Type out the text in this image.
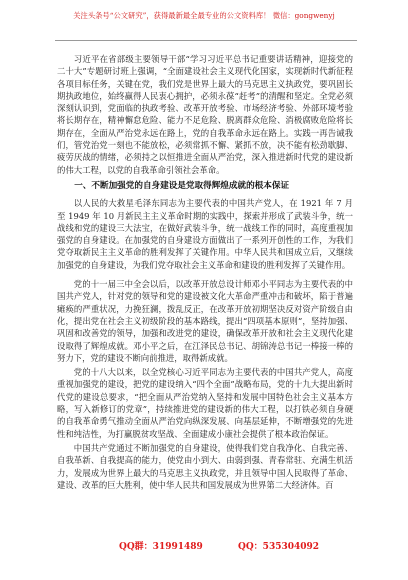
关注头条号“公文研究”，获得最新最全最专业的公文资料库！ 微信：gongwenyj

习近平在省部级主要领导干部“学习习近平总书记重要讲话精神，迎接党的二十大”专题研讨班上强调，“全面建设社会主义现代化国家，实现新时代新征程各项目标任务，关键在党，我们党是世界上最大的马克思主义执政党，要巩固长期执政地位，始终赢得人民衷心拥护，必须永葆“赶考”的清醒和坚定。全党必须深刻认识到，党面临的执政考验、改革开放考验、市场经济考验、外部环境考验将长期存在，精神懈怠危险、能力不足危险、脱离群众危险、消极腐败危险将长期存在，全面从严治党永远在路上，党的自我革命永远在路上。实践一再告诫我们，管党治党一刻也不能放松，必须常抓不懈、紧抓不放，决不能有松劲歇脚、疲劳厌战的情绪，必须持之以恒推进全面从严治党，深入推进新时代党的建设新的伟大工程，以党的自我革命引领社会革命。

一、不断加强党的自身建设是党取得辉煌成就的根本保证

以人民的大救星毛泽东同志为主要代表的中国共产党人，在 1921 年 7 月至 1949 年 10 月新民主主义革命时期的实践中，探索并形成了武装斗争，统一战线和党的建设三大法宝，在做好武装斗争，统一战线工作的同时，高度重视加强党的自身建设。在加强党的自身建设方面做出了一系列开创性的工作，为我们党夺取新民主主义革命的胜利发挥了关键作用。中华人民共和国成立后，又继续加强党的自身建设，为我们党夺取社会主义革命和建设的胜利发挥了关键作用。

党的十一届三中全会以后，以改革开放总设计师邓小平同志为主要代表的中国共产党人，针对党的领导和党的建设被文化大革命严重冲击和破坏，陷于普遍瘫痪的严重状况，力挽狂澜，拨乱反正，在改革开放初期坚决反对资产阶级自由化，提出党在社会主义初级阶段的基本路线，提出“四项基本原则”，坚持加强、巩固和改善党的领导，加强和改进党的建设，确保改革开放和社会主义现代化建设取得了辉煌成就。邓小平之后，在江泽民总书记、胡锦涛总书记一棒接一棒的努力下，党的建设不断向前推进，取得新成就。

党的十八大以来，以全党核心习近平同志为主要代表的中国共产党人，高度重视加强党的建设，把党的建设纳入“四个全面”战略布局，党的十九大提出新时代党的建设总要求，“把全面从严治党纳入坚持和发展中国特色社会主义基本方略，写入新修订的党章”，持续推进党的建设新的伟大工程，以打铁必须自身硬的自我革命勇气推动全面从严治党向纵深发展、向基层延伸，不断增强党的先进性和纯洁性，为打赢脱贫攻坚战、全面建成小康社会提供了根本政治保证。

中国共产党通过不断加强党的自身建设，使得我们党自我净化、自我完善、自我革新、自我提高的能力，使党由小到大、由弱到强、青春常驻、充满生机活力，发展成为世界上最大的马克思主义执政党，并且领导中国人民取得了革命、建设、改革的巨大胜利，使中华人民共和国发展成为世界第二大经济体。百

QQ群：31991489	QQ：535304092
